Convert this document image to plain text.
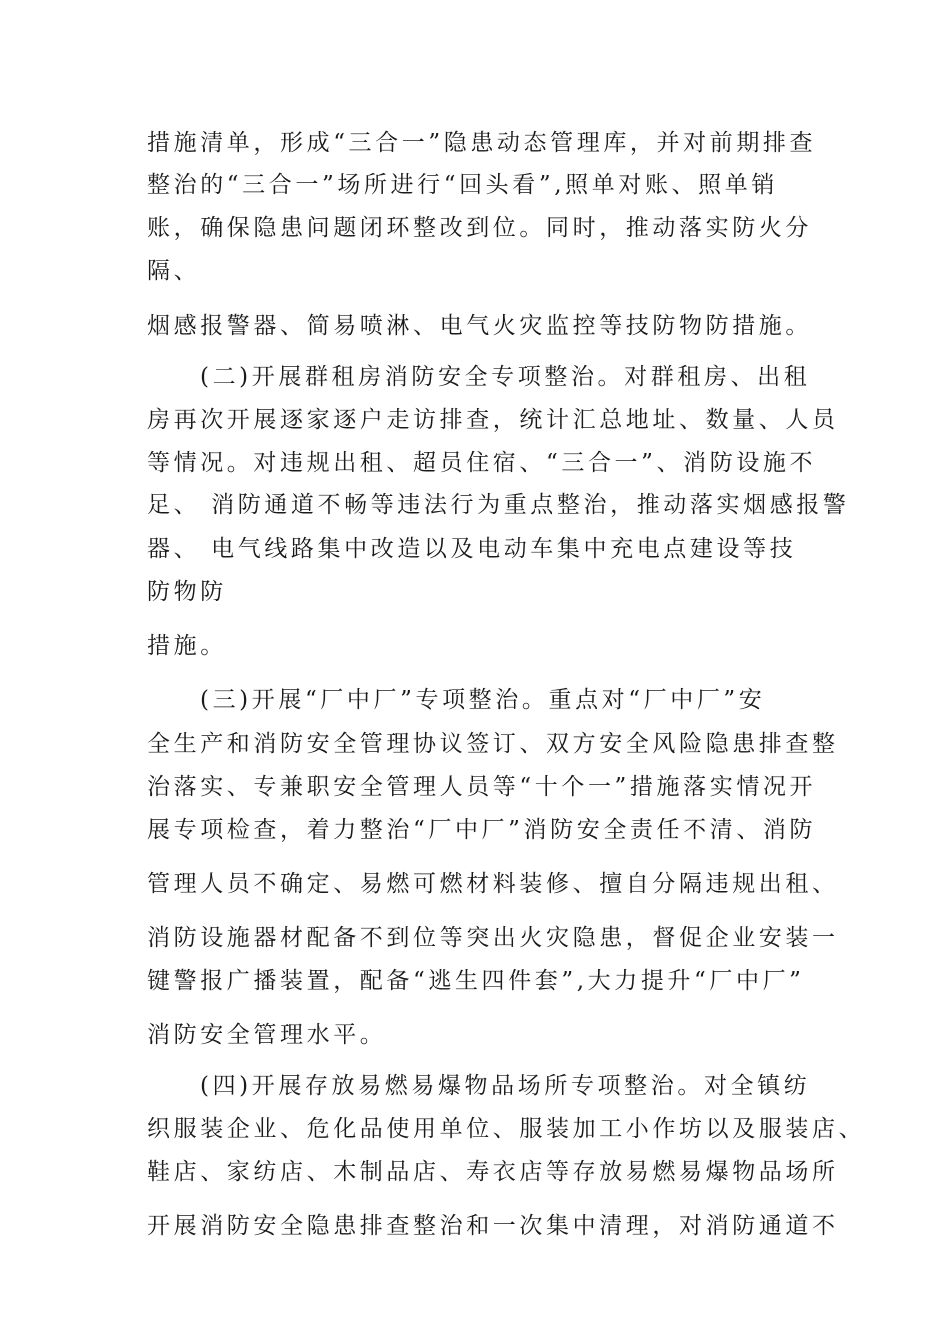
措施清单，形成“三合一”隐患动态管理库，并对前期排查
整治的“三合一”场所进行“回头看”,照单对账、照单销
账，确保隐患问题闭环整改到位。同时，推动落实防火分
隔、
烟感报警器、简易喷淋、电气火灾监控等技防物防措施。
(二)开展群租房消防安全专项整治。对群租房、出租
房再次开展逐家逐户走访排查，统计汇总地址、数量、人员
等情况。对违规出租、超员住宿、“三合一”、消防设施不
足、 消防通道不畅等违法行为重点整治，推动落实烟感报警
器、 电气线路集中改造以及电动车集中充电点建设等技
防物防
措施。
(三)开展“厂中厂”专项整治。重点对“厂中厂”安
全生产和消防安全管理协议签订、双方安全风险隐患排查整
治落实、专兼职安全管理人员等“十个一”措施落实情况开
展专项检查，着力整治“厂中厂”消防安全责任不清、消防
管理人员不确定、易燃可燃材料装修、擅自分隔违规出租、
消防设施器材配备不到位等突出火灾隐患，督促企业安装一
键警报广播装置，配备“逃生四件套”,大力提升“厂中厂”
消防安全管理水平。
(四)开展存放易燃易爆物品场所专项整治。对全镇纺
织服装企业、危化品使用单位、服装加工小作坊以及服装店、
鞋店、家纺店、木制品店、寿衣店等存放易燃易爆物品场所
开展消防安全隐患排查整治和一次集中清理，对消防通道不
